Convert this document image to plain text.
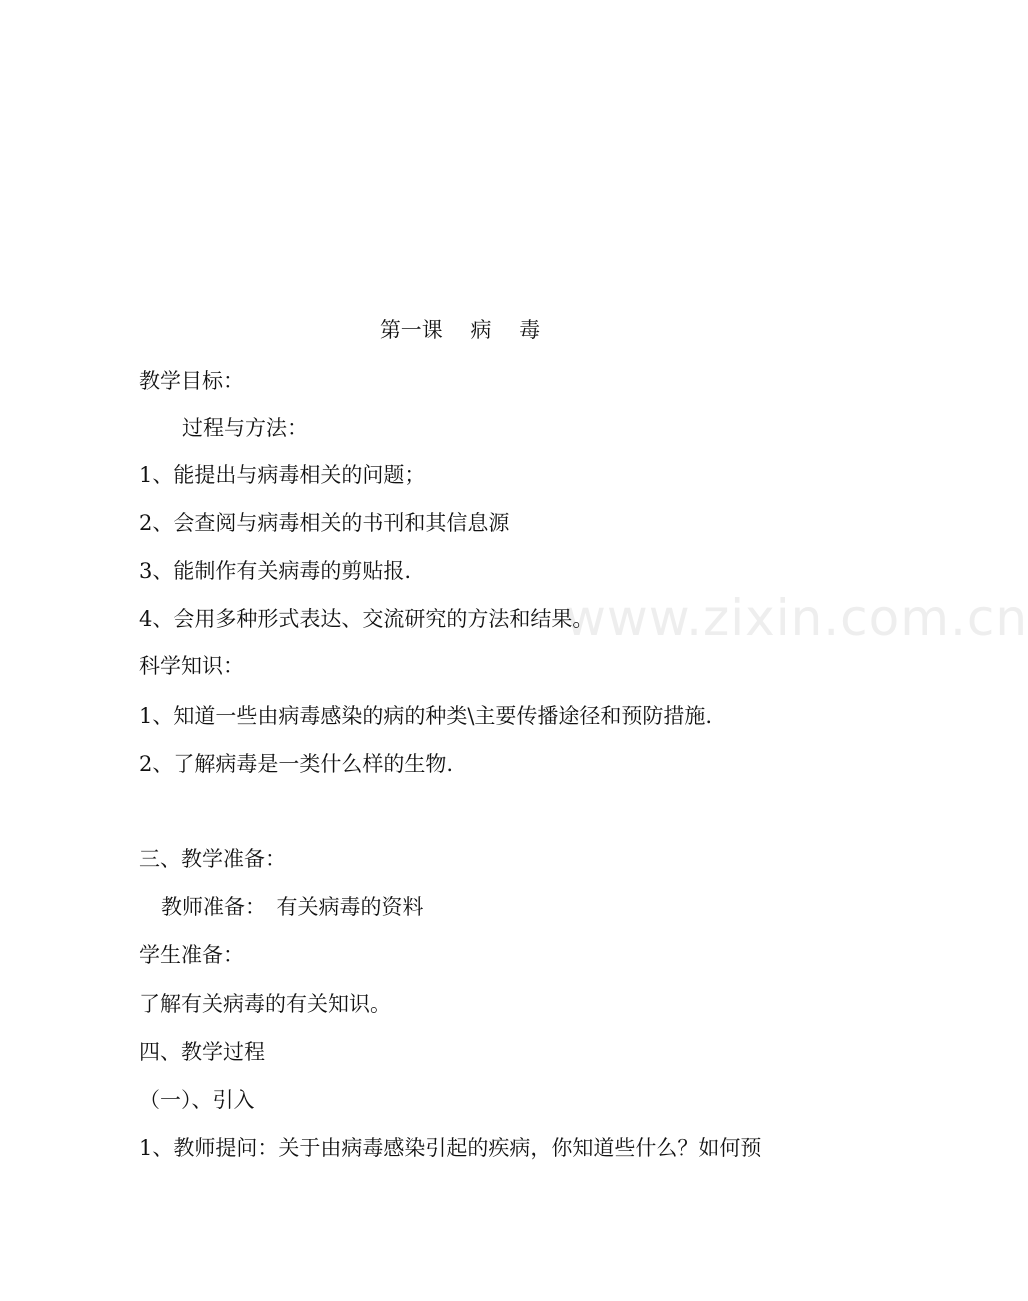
www.zixin.com.cn
第一课　 病　 毒
教学目标：
过程与方法：
1、能提出与病毒相关的问题；
2、会查阅与病毒相关的书刊和其信息源
3、能制作有关病毒的剪贴报.
4、会用多种形式表达、交流研究的方法和结果。
科学知识：
1、知道一些由病毒感染的病的种类\主要传播途径和预防措施.
2、了解病毒是一类什么样的生物.
三、教学准备：
教师准备：　有关病毒的资料
学生准备：
了解有关病毒的有关知识。
四、教学过程
（一）、引入
1、教师提问：关于由病毒感染引起的疾病，你知道些什么？如何预
